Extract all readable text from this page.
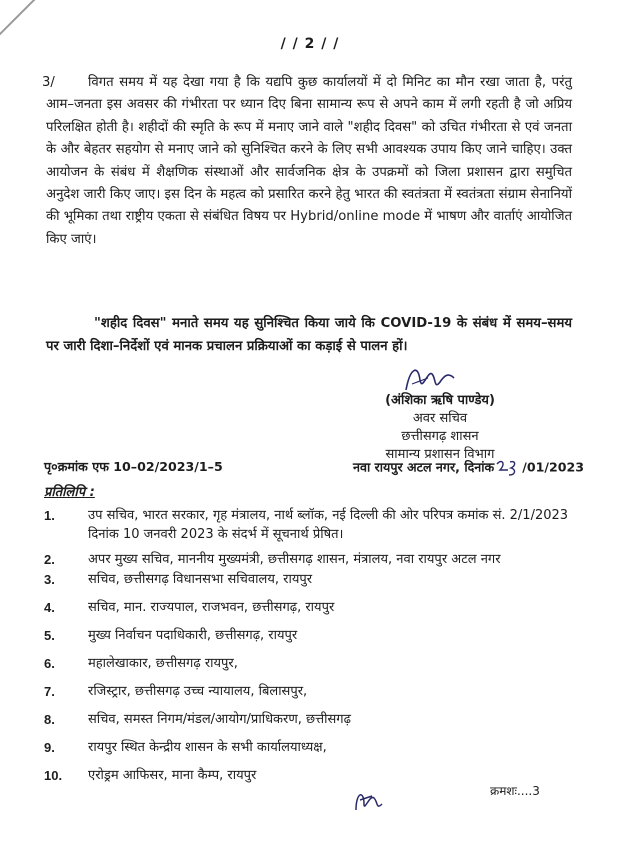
/ / 2 / /
3/	विगत समय में यह देखा गया है कि यद्यपि कुछ कार्यालयों में दो मिनिट का मौन रखा जाता है, परंतु आम–जनता इस अवसर की गंभीरता पर ध्यान दिए बिना सामान्य रूप से अपने काम में लगी रहती है जो अप्रिय परिलक्षित होती है। शहीदों की स्मृति के रूप में मनाए जाने वाले "शहीद दिवस" को उचित गंभीरता से एवं जनता के और बेहतर सहयोग से मनाए जाने को सुनिश्चित करने के लिए सभी आवश्यक उपाय किए जाने चाहिए। उक्त आयोजन के संबंध में शैक्षणिक संस्थाओं और सार्वजनिक क्षेत्र के उपक्रमों को जिला प्रशासन द्वारा समुचित अनुदेश जारी किए जाए। इस दिन के महत्व को प्रसारित करने हेतु भारत की स्वतंत्रता में स्वतंत्रता संग्राम सेनानियों की भूमिका तथा राष्ट्रीय एकता से संबंधित विषय पर Hybrid/online mode में भाषण और वार्ताएं आयोजित किए जाएं।
"शहीद दिवस" मनाते समय यह सुनिश्चित किया जाये कि COVID-19 के संबंध में समय–समय पर जारी दिशा–निर्देशों एवं मानक प्रचालन प्रक्रियाओं का कड़ाई से पालन हों।
(अंशिका ऋषि पाण्डेय)
अवर सचिव
छत्तीसगढ़ शासन
सामान्य प्रशासन विभाग
पृ०क्रमांक एफ 10–02/2023/1–5	नवा रायपुर अटल नगर, दिनांक /01/2023
प्रतिलिपि :
1.	उप सचिव, भारत सरकार, गृह मंत्रालय, नार्थ ब्लॉक, नई दिल्ली की ओर परिपत्र कमांक सं. 2/1/2023 दिनांक 10 जनवरी 2023 के संदर्भ में सूचनार्थ प्रेषित।
2.	अपर मुख्य सचिव, माननीय मुख्यमंत्री, छत्तीसगढ़ शासन, मंत्रालय, नवा रायपुर अटल नगर
3.	सचिव, छत्तीसगढ़ विधानसभा सचिवालय, रायपुर
4.	सचिव, मान. राज्यपाल, राजभवन, छत्तीसगढ़, रायपुर
5.	मुख्य निर्वाचन पदाधिकारी, छत्तीसगढ़, रायपुर
6.	महालेखाकार, छत्तीसगढ़ रायपुर,
7.	रजिस्ट्रार, छत्तीसगढ़ उच्च न्यायालय, बिलासपुर,
8.	सचिव, समस्त निगम/मंडल/आयोग/प्राधिकरण, छत्तीसगढ़
9.	रायपुर स्थित केन्द्रीय शासन के सभी कार्यालयाध्यक्ष,
10. एरोड्रम आफिसर, माना कैम्प, रायपुर
क्रमशः....3
